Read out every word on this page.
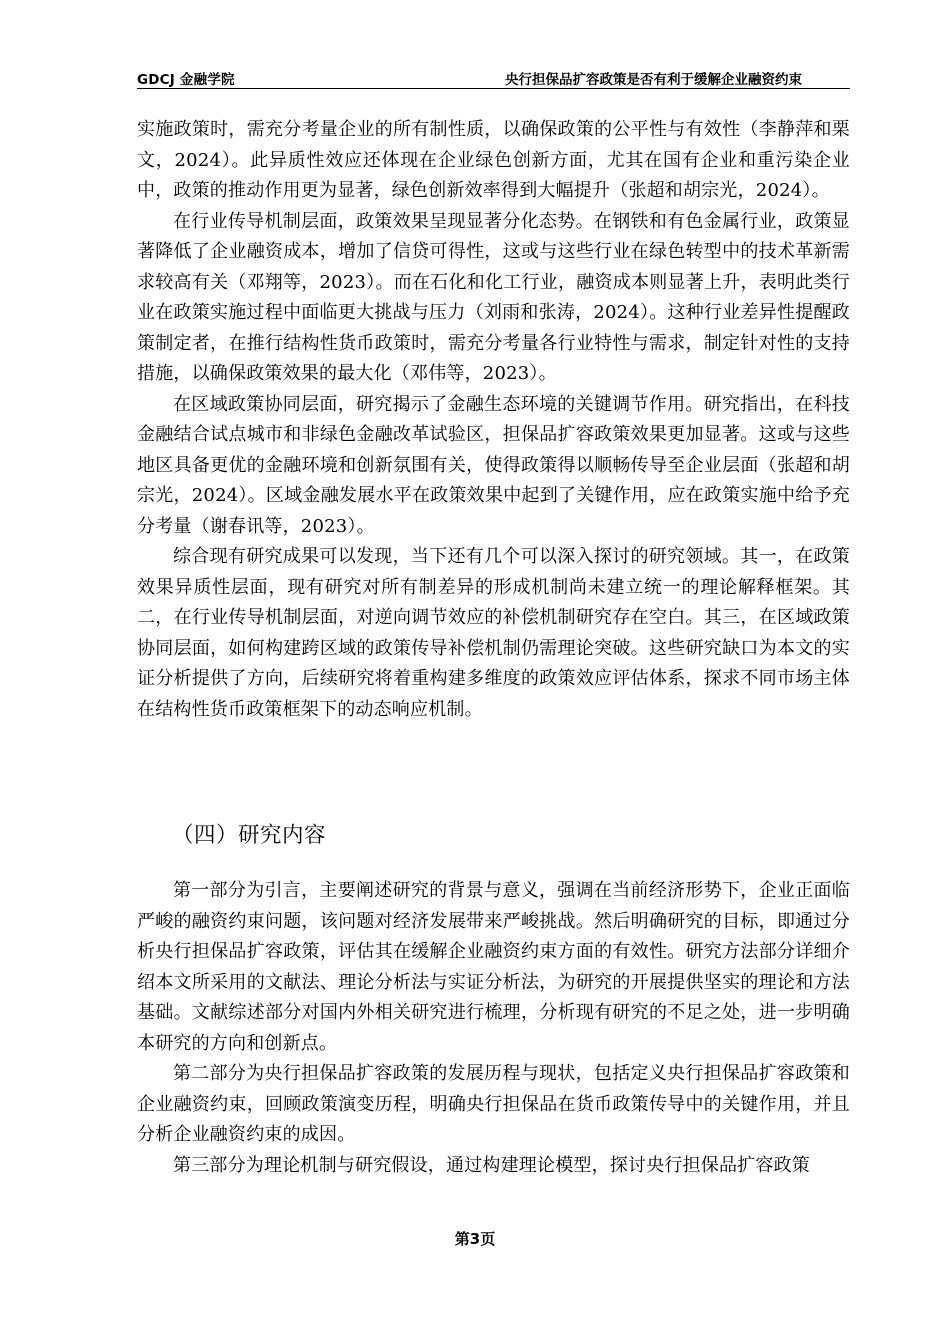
GDCJ 金融学院	央行担保品扩容政策是否有利于缓解企业融资约束

实施政策时，需充分考量企业的所有制性质，以确保政策的公平性与有效性（李静萍和栗文，2024）。此异质性效应还体现在企业绿色创新方面，尤其在国有企业和重污染企业中，政策的推动作用更为显著，绿色创新效率得到大幅提升（张超和胡宗光，2024）。

在行业传导机制层面，政策效果呈现显著分化态势。在钢铁和有色金属行业，政策显著降低了企业融资成本，增加了信贷可得性，这或与这些行业在绿色转型中的技术革新需求较高有关（邓翔等，2023）。而在石化和化工行业，融资成本则显著上升，表明此类行业在政策实施过程中面临更大挑战与压力（刘雨和张涛，2024）。这种行业差异性提醒政策制定者，在推行结构性货币政策时，需充分考量各行业特性与需求，制定针对性的支持措施，以确保政策效果的最大化（邓伟等，2023）。

在区域政策协同层面，研究揭示了金融生态环境的关键调节作用。研究指出，在科技金融结合试点城市和非绿色金融改革试验区，担保品扩容政策效果更加显著。这或与这些地区具备更优的金融环境和创新氛围有关，使得政策得以顺畅传导至企业层面（张超和胡宗光，2024）。区域金融发展水平在政策效果中起到了关键作用，应在政策实施中给予充分考量（谢春讯等，2023）。

综合现有研究成果可以发现，当下还有几个可以深入探讨的研究领域。其一，在政策效果异质性层面，现有研究对所有制差异的形成机制尚未建立统一的理论解释框架。其二，在行业传导机制层面，对逆向调节效应的补偿机制研究存在空白。其三，在区域政策协同层面，如何构建跨区域的政策传导补偿机制仍需理论突破。这些研究缺口为本文的实证分析提供了方向，后续研究将着重构建多维度的政策效应评估体系，探求不同市场主体在结构性货币政策框架下的动态响应机制。

（四）研究内容

第一部分为引言，主要阐述研究的背景与意义，强调在当前经济形势下，企业正面临严峻的融资约束问题，该问题对经济发展带来严峻挑战。然后明确研究的目标，即通过分析央行担保品扩容政策，评估其在缓解企业融资约束方面的有效性。研究方法部分详细介绍本文所采用的文献法、理论分析法与实证分析法，为研究的开展提供坚实的理论和方法基础。文献综述部分对国内外相关研究进行梳理，分析现有研究的不足之处，进一步明确本研究的方向和创新点。

第二部分为央行担保品扩容政策的发展历程与现状，包括定义央行担保品扩容政策和企业融资约束，回顾政策演变历程，明确央行担保品在货币政策传导中的关键作用，并且分析企业融资约束的成因。

第三部分为理论机制与研究假设，通过构建理论模型，探讨央行担保品扩容政策

第3页
